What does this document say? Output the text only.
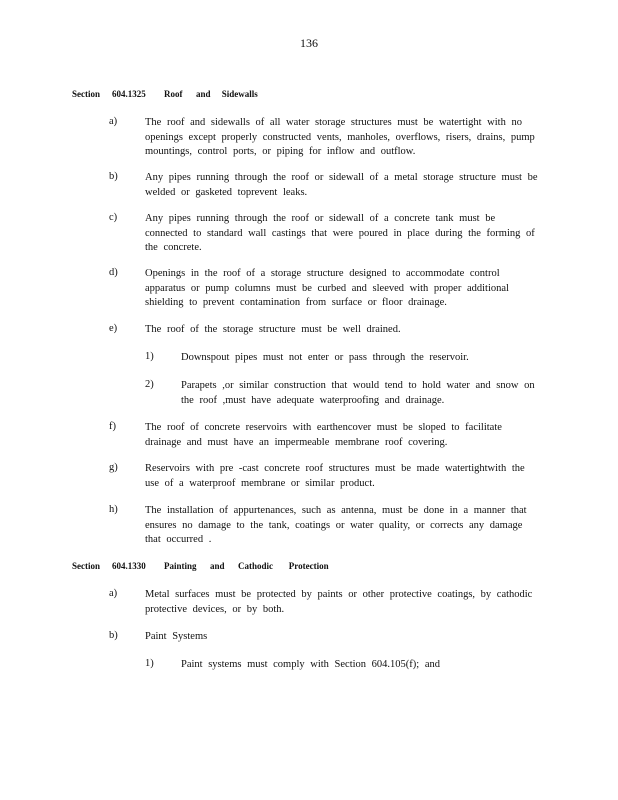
136
Section 604.1325 Roof      and     Sidewalls
a)	The roof and sidewalls of all water storage structures must be watertight with no openings except properly constructed vents, manholes, overflows, risers, drains, pump mountings, control ports, or piping for inflow and outflow.
b)	Any pipes running through the roof or sidewall of a metal storage structure must be welded or gasketed toprevent leaks.
c)	Any pipes running through the roof or sidewall of a concrete tank must be connected to standard wall castings that were poured in place during the forming of the concrete.
d)	Openings in the roof of a storage structure designed to accommodate control apparatus or pump columns must be curbed and sleeved with proper additional shielding to prevent contamination from surface or floor drainage.
e)	The roof of the storage structure must be well drained.
1)	Downspout pipes must not enter or pass through the reservoir.
2)	Parapets ,or similar construction that would tend to hold water and snow on the roof ,must have adequate waterproofing and drainage.
f)	The roof of concrete reservoirs with earthencover must be sloped to facilitate drainage and must have an impermeable membrane roof covering.
g)	Reservoirs with pre -cast concrete roof structures must be made watertightwith the use of a waterproof membrane or similar product.
h)	The installation of appurtenances, such as antenna, must be done in a manner that ensures no damage to the tank, coatings or water quality, or corrects any damage that occurred .
Section 604.1330 Painting      and      Cathodic       Protection
a)	Metal surfaces must be protected by paints or other protective coatings, by cathodic protective devices, or by both.
b)	Paint Systems
1)	Paint systems must comply with Section 604.105(f); and
